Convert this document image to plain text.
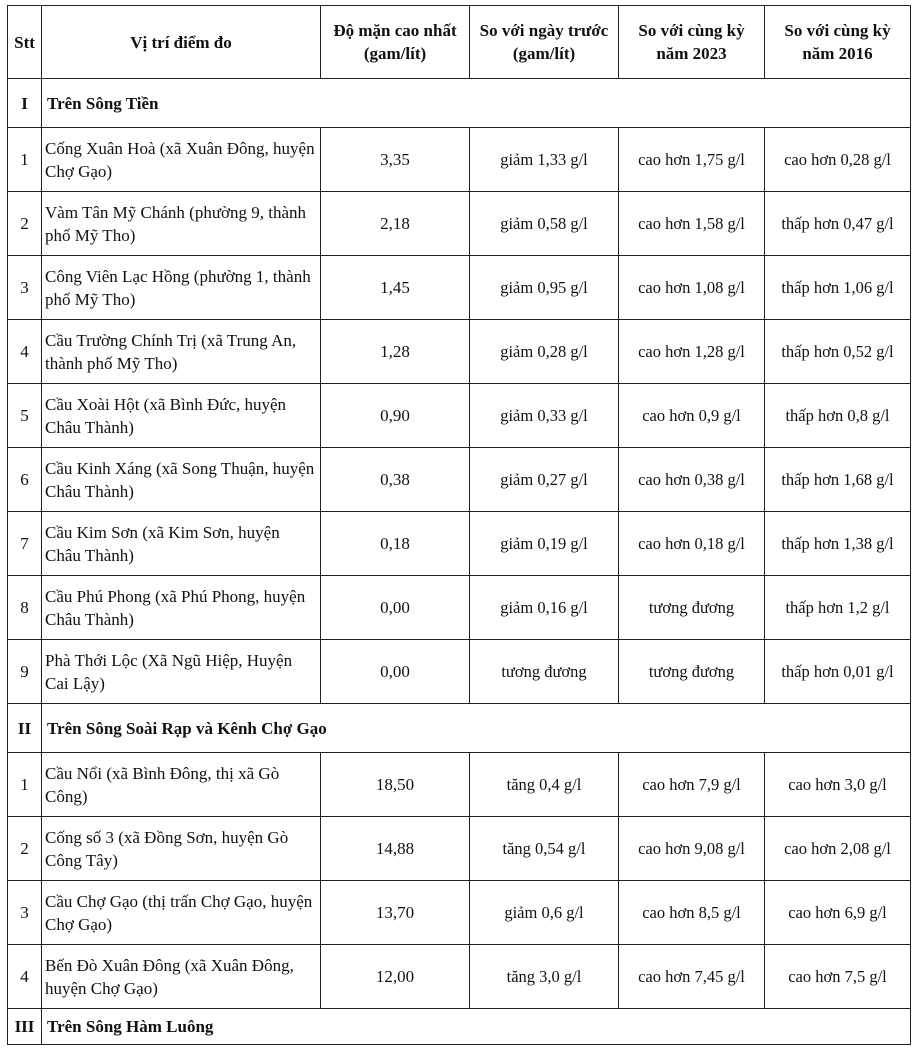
Stt	Vị trí điểm đo	Độ mặn cao nhất (gam/lít)	So với ngày trước (gam/lít)	So với cùng kỳ năm 2023	So với cùng kỳ năm 2016
I	Trên Sông Tiền				
1	Cống Xuân Hoà (xã Xuân Đông, huyện Chợ Gạo)	3,35	giảm 1,33 g/l	cao hơn 1,75 g/l	cao hơn 0,28 g/l
2	Vàm Tân Mỹ Chánh (phường 9, thành phố Mỹ Tho)	2,18	giảm 0,58 g/l	cao hơn 1,58 g/l	thấp hơn 0,47 g/l
3	Công Viên Lạc Hồng (phường 1, thành phố Mỹ Tho)	1,45	giảm 0,95 g/l	cao hơn 1,08 g/l	thấp hơn 1,06 g/l
4	Cầu Trường Chính Trị (xã Trung An, thành phố Mỹ Tho)	1,28	giảm 0,28 g/l	cao hơn 1,28 g/l	thấp hơn 0,52 g/l
5	Cầu Xoài Hột (xã Bình Đức, huyện Châu Thành)	0,90	giảm 0,33 g/l	cao hơn 0,9 g/l	thấp hơn 0,8 g/l
6	Cầu Kinh Xáng (xã Song Thuận, huyện Châu Thành)	0,38	giảm 0,27 g/l	cao hơn 0,38 g/l	thấp hơn 1,68 g/l
7	Cầu Kim Sơn (xã Kim Sơn, huyện Châu Thành)	0,18	giảm 0,19 g/l	cao hơn 0,18 g/l	thấp hơn 1,38 g/l
8	Cầu Phú Phong (xã Phú Phong, huyện Châu Thành)	0,00	giảm 0,16 g/l	tương đương	thấp hơn 1,2 g/l
9	Phà Thới Lộc (Xã Ngũ Hiệp, Huyện Cai Lậy)	0,00	tương đương	tương đương	thấp hơn 0,01 g/l
II	Trên Sông Soài Rạp và Kênh Chợ Gạo				
1	Cầu Nổi (xã Bình Đông, thị xã Gò Công)	18,50	tăng 0,4 g/l	cao hơn 7,9 g/l	cao hơn 3,0 g/l
2	Cống số 3 (xã Đồng Sơn, huyện Gò Công Tây)	14,88	tăng 0,54 g/l	cao hơn 9,08 g/l	cao hơn 2,08 g/l
3	Cầu Chợ Gạo (thị trấn Chợ Gạo, huyện Chợ Gạo)	13,70	giảm 0,6 g/l	cao hơn 8,5 g/l	cao hơn 6,9 g/l
4	Bến Đò Xuân Đông (xã Xuân Đông, huyện Chợ Gạo)	12,00	tăng 3,0 g/l	cao hơn 7,45 g/l	cao hơn 7,5 g/l
III	Trên Sông Hàm Luông				
